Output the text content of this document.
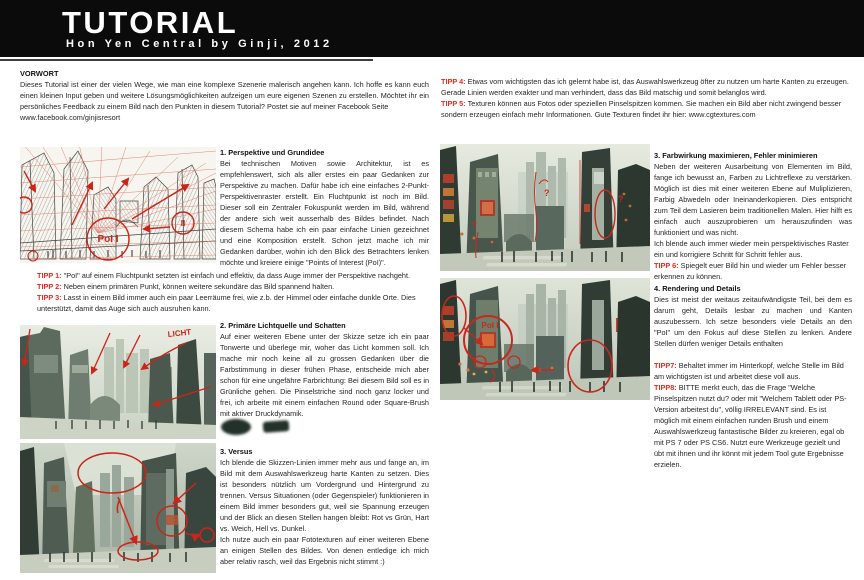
TUTORIAL
Hon Yen Central by Ginji, 2012

VORWORT

Dieses Tutorial ist einer der vielen Wege, wie man eine komplexe Szenerie malerisch angehen kann. Ich hoffe es kann euch einen kleinen Input geben und weitere Lösungsmöglichkeiten aufzeigen um eure eigenen Szenen zu erstellen. Möchtet ihr ein persönliches Feedback zu einem Bild nach den Punkten in diesem Tutorial? Postet sie auf meiner Facebook Seite

www.facebook.com/ginjisresort

TIPP 4: Etwas vom wichtigsten das ich gelernt habe ist, das Auswahlswerkzeug öfter zu nutzen um harte Kanten zu erzeugen. Gerade Linien werden exakter und man verhindert, dass das Bild matschig und somit belanglos wird.

TIPP 5: Texturen können aus Fotos oder speziellen Pinselspitzen kommen. Sie machen ein Bild aber nicht zwingend besser sondern erzeugen einfach mehr Informationen. Gute Texturen findet ihr hier: www.cgtextures.com

PoI I
II

1. Perspektive und Grundidee

Bei technischen Motiven sowie Architektur, ist es empfehlenswert, sich als aller erstes ein paar Gedanken zur Perspektive zu machen. Dafür habe ich eine einfaches 2-Punkt-Perspektivenraster erstellt. Ein Fluchtpunkt ist noch im Bild. Dieser soll ein Zentraler Fokuspunkt werden im Bild, während der andere sich weit ausserhalb des Bildes befindet. Nach diesem Schema habe ich ein paar einfache Linien gezeichnet und eine Komposition erstellt. Schon jetzt mache ich mir Gedanken darüber, wohin ich den Blick des Betrachters lenken möchte und kreiere einige "Points of Interest (PoI)".

TIPP 1: "PoI" auf einem Fluchtpunkt setzten ist einfach und effektiv, da dass Auge immer der Perspektive nachgeht.

TIPP 2: Neben einem primären Punkt, können weitere sekundäre das Bild spannend halten.

TIPP 3: Lasst in einem Bild immer auch ein paar Leerräume frei, wie z.b. der Himmel oder einfache dunkle Orte. Dies unterstützt, damit das Auge sich auch ausruhen kann.

LICHT

2. Primäre Lichtquelle und Schatten

Auf einer weiteren Ebene unter der Skizze setze ich ein paar Tonwerte und überlege mir, woher das Licht kommen soll. Ich mache mir noch keine all zu grossen Gedanken über die Farbstimmung in dieser frühen Phase, entscheide mich aber schon für eine ungefähre Farbrichtung: Bei diesem Bild soll es in Grünliche gehen. Die Pinselstriche sind noch ganz locker und frei, ich arbeite mit einem einfachen Round oder Square-Brush mit aktiver Druckdynamik.

3. Versus

Ich blende die Skizzen-Linien immer mehr aus und fange an, im Bild mit dem Auswahlswerkzeug harte Kanten zu setzen. Dies ist besonders nützlich um Vordergrund und Hintergrund zu trennen. Versus Situationen (oder Gegenspieler) funktionieren in einem Bild immer besonders gut, weil sie Spannung erzeugen und der Blick an diesen Stellen hangen bleibt: Rot vs Grün, Hart vs. Weich, Hell vs. Dunkel.

Ich nutze auch ein paar Fototexturen auf einer weiteren Ebene an einigen Stellen des Bildes. Von denen entledige ich mich aber relativ rasch, weil das Ergebnis nicht stimmt :)

?
?
?
PoI I

3. Farbwirkung maximieren, Fehler minimieren

Neben der weiteren Ausarbeitung von Elementen im Bild, fange ich bewusst an, Farben zu Lichtreflexe zu verstärken. Möglich ist dies mit einer weiteren Ebene auf Muliplizieren, Farbig Abwedeln oder Ineinanderkopieren. Dies entspricht zum Teil dem Lasieren beim traditionellen Malen. Hier hilft es einfach auch auszuprobieren um herauszufinden was funktioniert und was nicht.

Ich blende auch immer wieder mein perspektivisches Raster ein und korrigiere Schritt für Schritt fehler aus.

TIPP 6: Spiegelt euer Bild hin und wieder um Fehler besser erkennen zu können.

4. Rendering und Details

Dies ist meist der weitaus zeitaufwändigste Teil, bei dem es darum geht, Details lesbar zu machen und Kanten auszubessern. Ich setze besonders viele Details an den "PoI" um den Fokus auf diese Stellen zu lenken. Andere Stellen dürfen weniger Details enthalten

TIPP7: Behaltet immer im Hinterkopf, welche Stelle im Bild am wichtigsten ist und arbeitet diese voll aus.

TIPP8: BITTE merkt euch, das die Frage "Welche Pinselspitzen nutzt du? oder mit "Welchem Tablett oder PS-Version arbeitest du", völlig IRRELEVANT sind. Es ist möglich mit einem einfachen runden Brush und einem Auswahlswerkzeug fantastische Bilder zu kreieren, egal ob mit PS 7 oder PS CS6. Nutzt eure Werkzeuge gezielt und übt mit ihnen und ihr könnt mit jedem Tool gute Ergebnisse erzielen.
